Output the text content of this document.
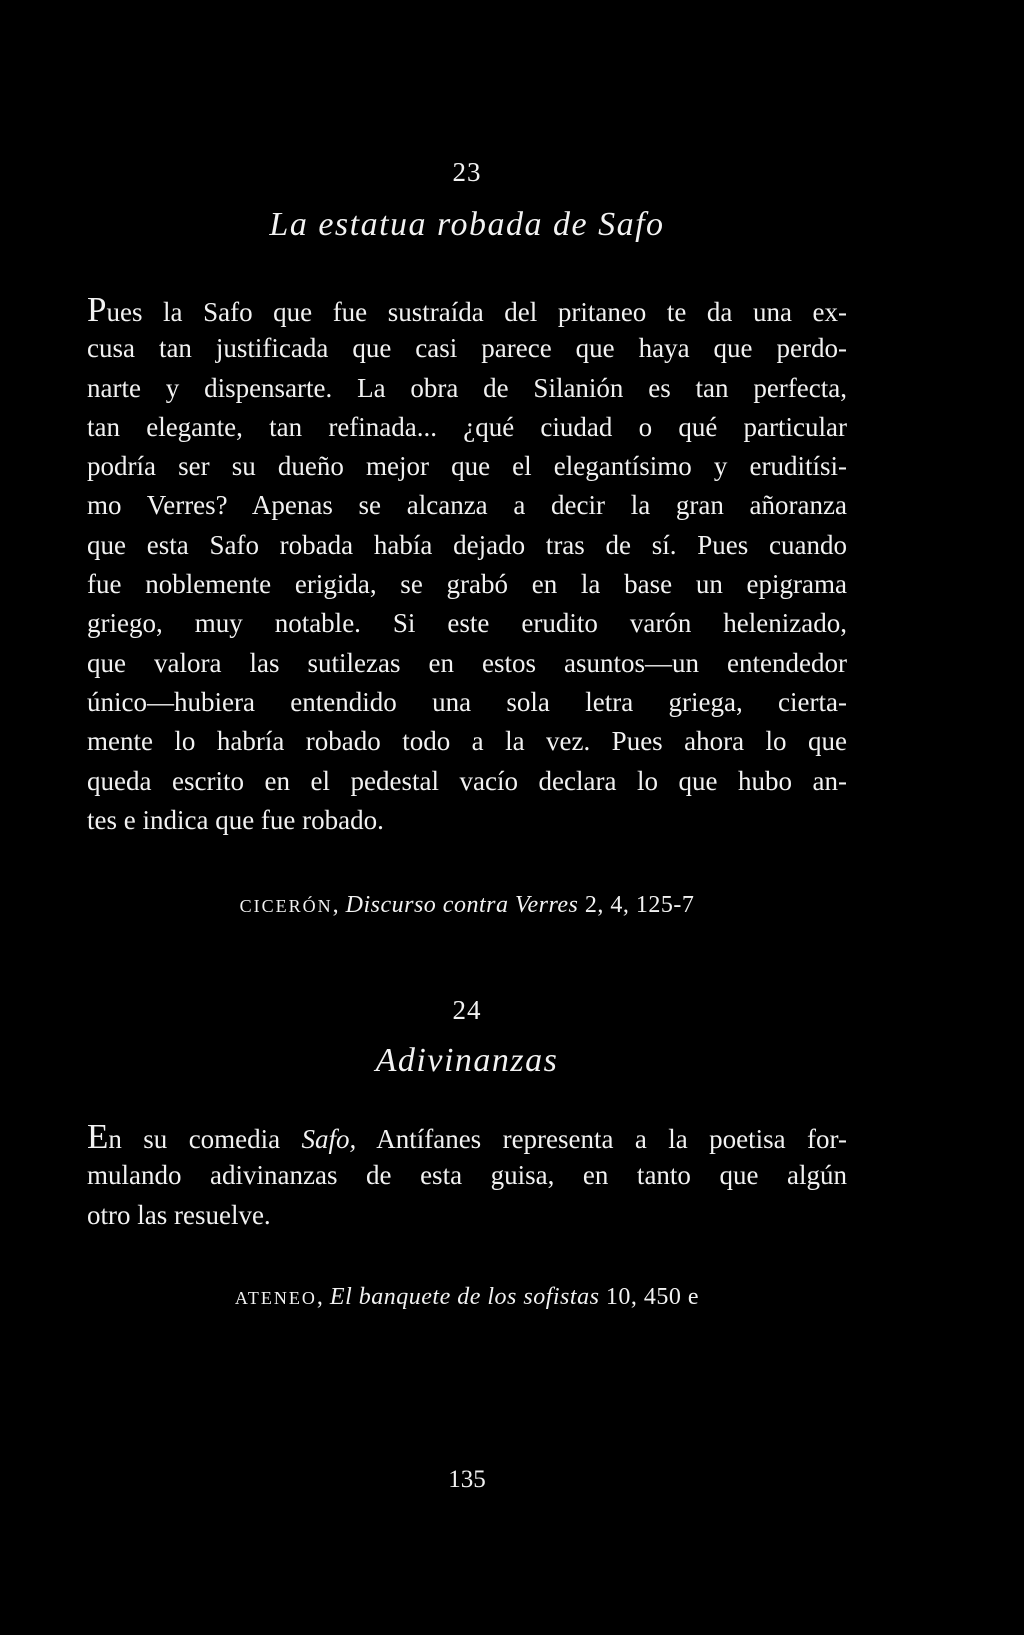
23
La estatua robada de Safo
Pues la Safo que fue sustraída del pritaneo te da una ex-
cusa tan justificada que casi parece que haya que perdo-
narte y dispensarte. La obra de Silanión es tan perfecta,
tan elegante, tan refinada... ¿qué ciudad o qué particular
podría ser su dueño mejor que el elegantísimo y eruditísi-
mo Verres? Apenas se alcanza a decir la gran añoranza
que esta Safo robada había dejado tras de sí. Pues cuando
fue noblemente erigida, se grabó en la base un epigrama
griego, muy notable. Si este erudito varón helenizado,
que valora las sutilezas en estos asuntos—un entendedor
único—hubiera entendido una sola letra griega, cierta-
mente lo habría robado todo a la vez. Pues ahora lo que
queda escrito en el pedestal vacío declara lo que hubo an-
tes e indica que fue robado.
cicerón, Discurso contra Verres 2, 4, 125-7
24
Adivinanzas
En su comedia Safo, Antífanes representa a la poetisa for-
mulando adivinanzas de esta guisa, en tanto que algún
otro las resuelve.
ateneo, El banquete de los sofistas 10, 450 e
135
